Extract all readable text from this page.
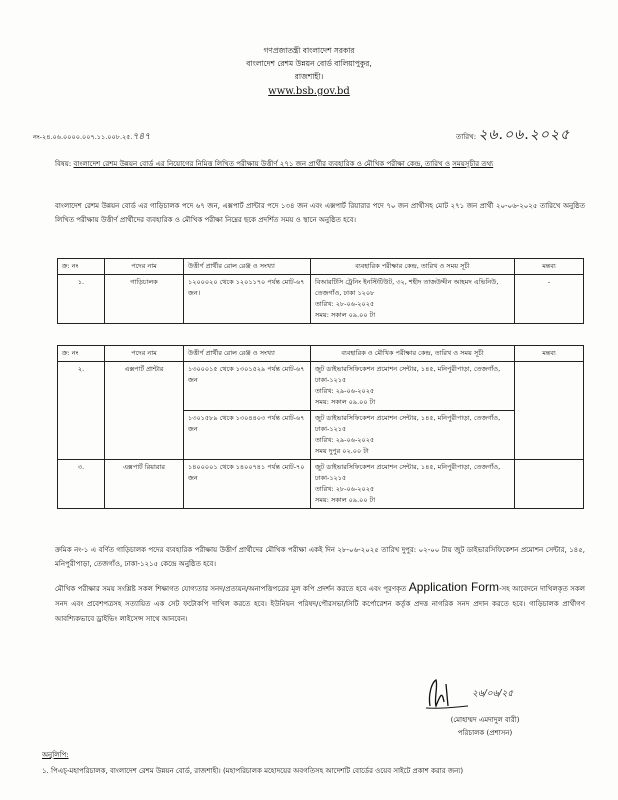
গণপ্রজাতন্ত্রী বাংলাদেশ সরকার
বাংলাদেশ রেশম উন্নয়ন বোর্ড বালিয়াপুকুর,
রাজশাহী।
www.bsb.gov.bd
নং-২৪.০৬.০০০০.০০৭.১১.০০৮.২৫.৭৪৭	তারিখ: ২৬.০৬.২০২৫
বিষয়: বাংলাদেশ রেশম উন্নয়ন বোর্ড এর নিয়োগের নিমিত্ত লিখিত পরীক্ষায় উত্তীর্ণ ২৭১ জন প্রার্থীর ব্যবহারিক ও মৌখিক পরীক্ষা কেন্দ্র, তারিখ ও সময়সূচীর তথ্য
বাংলাদেশ রেশম উন্নয়ন বোর্ড এর গাড়িচালক পদে ৬৭ জন, এক্সপার্ট প্রান্টার পদে ১৩৪ জন এবং এক্সপার্ট রিয়ারার পদে ৭০ জন প্রার্থীসহ মোট ২৭১ জন প্রার্থী ২০-০৬-২০২৫ তারিখে অনুষ্ঠিত লিখিত পরীক্ষায় উত্তীর্ণ প্রার্থীদের ব্যবহারিক ও মৌখিক পরীক্ষা নিম্নের ছকে প্রদর্শিত সময় ও স্থানে অনুষ্ঠিত হবে।
ক্র: নং	পদের নাম	উত্তীর্ণ প্রার্থীর রোল রেঞ্জ ও সংখ্যা	ব্যবহারিক পরীক্ষার কেন্দ্র, তারিখ ও সময় সূচী	মন্তব্য
১.	গাড়িচালক	১২০০০২০ থেকে ১২০১১৭০ পর্যন্ত মোট-৬৭ জন।	বিআরটিসি ট্রেনিং ইনস্টিটিউট, ৩২, শহীদ তাজউদ্দীন আহমদ এভিনিউ, তেজগাঁও, ঢাকা ১২০৮
তারিখ: ২৮-০৬-২০২৫
সময়: সকাল ০৯.০০ টা	-
ক্র: নং	পদের নাম	উত্তীর্ণ প্রার্থীর রোল রেঞ্জ ও সংখ্যা	ব্যবহারিক ও মৌখিক পরীক্ষার কেন্দ্র, তারিখ ও সময় সূচী	মন্তব্য
২.	এক্সপার্ট প্রান্টার	১৩০০০১৫ থেকে ১৩০১৫২৯ পর্যন্ত মোট-৬৭ জন	জুট ডাইভারসিফিকেশন প্রমোশন সেন্টার, ১৪৫, মনিপুরীপাড়া, তেজগাঁও, ঢাকা-১২১৫
তারিখ: ২৯-০৬-২০২৫
সময়: সকাল ০৯.০০ টা	

		১৩০১৫৮৯ থেকে ১৩০৪৪০৩ পর্যন্ত মোট-৬৭ জন	জুট ডাইভারসিফিকেশন প্রমোশন সেন্টার, ১৪৫, মনিপুরীপাড়া, তেজগাঁও, ঢাকা-১২১৫
তারিখ: ২৯-০৬-২০২৫
সময় দুপুর ০২.০০ টা	

৩.	এক্সপার্ট রিয়ারার	১৪০০০০১ থেকে ১৪০০৭৪১ পর্যন্ত মোট-৭০ জন	জুট ডাইভারসিফিকেশন প্রমোশন সেন্টার, ১৪৫, মনিপুরীপাড়া, তেজগাঁও, ঢাকা-১২১৫
তারিখ: ২৮-০৬-২০২৫
সময়: সকাল ০৯.০০ টা	

ক্রমিক নং-১ এ বর্ণিত গাড়িচালক পদের ব্যবহারিক পরীক্ষায় উত্তীর্ণ প্রার্থীদের মৌখিক পরীক্ষা একই দিন ২৮-০৬-২০২৫ তারিখ দুপুর: ০২-০০ টায় জুট ডাইভারসিফিকেশন প্রমোশন সেন্টার, ১৪৫, মনিপুরীপাড়া, তেজগাঁও, ঢাকা-১২১৫ কেন্দ্রে অনুষ্ঠিত হবে।
মৌখিক পরীক্ষার সময় সংশ্লিষ্ট সকল শিক্ষাগত যোগ্যতার সনদ/প্রত্যয়ন/অনাপত্তিপত্রের মূল কপি প্রদর্শন করতে হবে এবং পূরণকৃত Application Form-সহ আবেদনে দাখিলকৃত সকল সনদ এবং প্রবেশপত্রসহ সত্যায়িত এক সেট ফটোকপি দাখিল করতে হবে। ইউনিয়ন পরিষদ/পৌরসভা/সিটি কর্পোরেশন কর্তৃক প্রদত্ত নাগরিক সনদ প্রদান করতে হবে। গাড়িচালক প্রার্থীগণ আবশ্যিকভাবে ড্রাইভিং লাইসেন্স সাথে আনবেন।
২৬/০৬/২৫
(মোহাম্মদ এমদাদুল বারী)
পরিচালক (প্রশাসন)
অনুলিপি:
১. পিএচ্-মহাপরিচালক, বাংলাদেশ রেশম উন্নয়ন বোর্ড, রাজশাহী। (মহাপরিচালক মহোদয়ের অবগতিসহ আদেশটি বোর্ডের ওয়েব সাইটে প্রকাশ করার জন্য)
